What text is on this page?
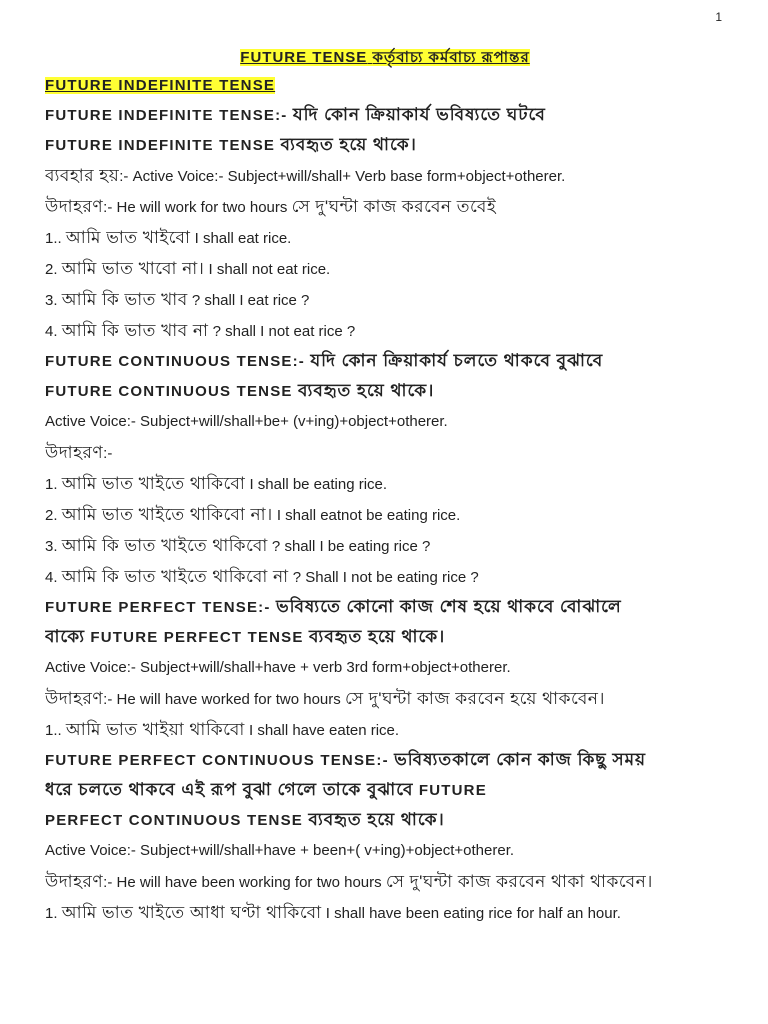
1
FUTURE TENSE কর্তৃবাচ্য কর্মবাচ্য রূপান্তর
FUTURE INDEFINITE TENSE
FUTURE INDEFINITE TENSE:- যদি কোন ক্রিয়াকার্য ভবিষ্যতে ঘটবে
FUTURE INDEFINITE TENSE ব্যবহৃত হয়ে থাকে।
ব্যবহার হয়:- Active Voice:- Subject+will/shall+ Verb base form+object+otherer.
উদাহরণ:- He will work for two hours সে দু'ঘন্টা কাজ করবেন তবেই
1.. আমি ভাত খাইবো I shall eat rice.
2. আমি ভাত খাবো না। I shall not eat rice.
3. আমি কি ভাত খাব ? shall I eat rice ?
4. আমি কি ভাত খাব না ? shall I not eat rice ?
FUTURE CONTINUOUS TENSE:- যদি কোন ক্রিয়াকার্য চলতে থাকবে বুঝাবে
FUTURE CONTINUOUS TENSE ব্যবহৃত হয়ে থাকে।
Active Voice:- Subject+will/shall+be+ (v+ing)+object+otherer.
উদাহরণ:-
1. আমি ভাত খাইতে থাকিবো I shall be eating rice.
2. আমি ভাত খাইতে থাকিবো না। I shall eatnot be eating rice.
3. আমি কি ভাত খাইতে থাকিবো ? shall I be eating rice ?
4. আমি কি ভাত খাইতে থাকিবো না ? Shall I not be eating rice ?
FUTURE PERFECT TENSE:- ভবিষ্যতে কোনো কাজ শেষ হয়ে থাকবে বোঝালে
বাক্যে FUTURE PERFECT TENSE ব্যবহৃত হয়ে থাকে।
Active Voice:- Subject+will/shall+have + verb 3rd form+object+otherer.
উদাহরণ:- He will have worked for two hours সে দু'ঘন্টা কাজ করবেন হয়ে থাকবেন।
1.. আমি ভাত খাইয়া থাকিবো I shall have eaten rice.
FUTURE PERFECT CONTINUOUS TENSE:- ভবিষ্যতকালে কোন কাজ কিছু সময়
ধরে চলতে থাকবে এই রূপ বুঝা গেলে তাকে বুঝাবে FUTURE
PERFECT CONTINUOUS TENSE ব্যবহৃত হয়ে থাকে।
Active Voice:- Subject+will/shall+have + been+( v+ing)+object+otherer.
উদাহরণ:- He will have been working for two hours সে দু'ঘন্টা কাজ করবেন থাকা থাকবেন।
1. আমি ভাত খাইতে আধা ঘণ্টা থাকিবো I shall have been eating rice for half an hour.
